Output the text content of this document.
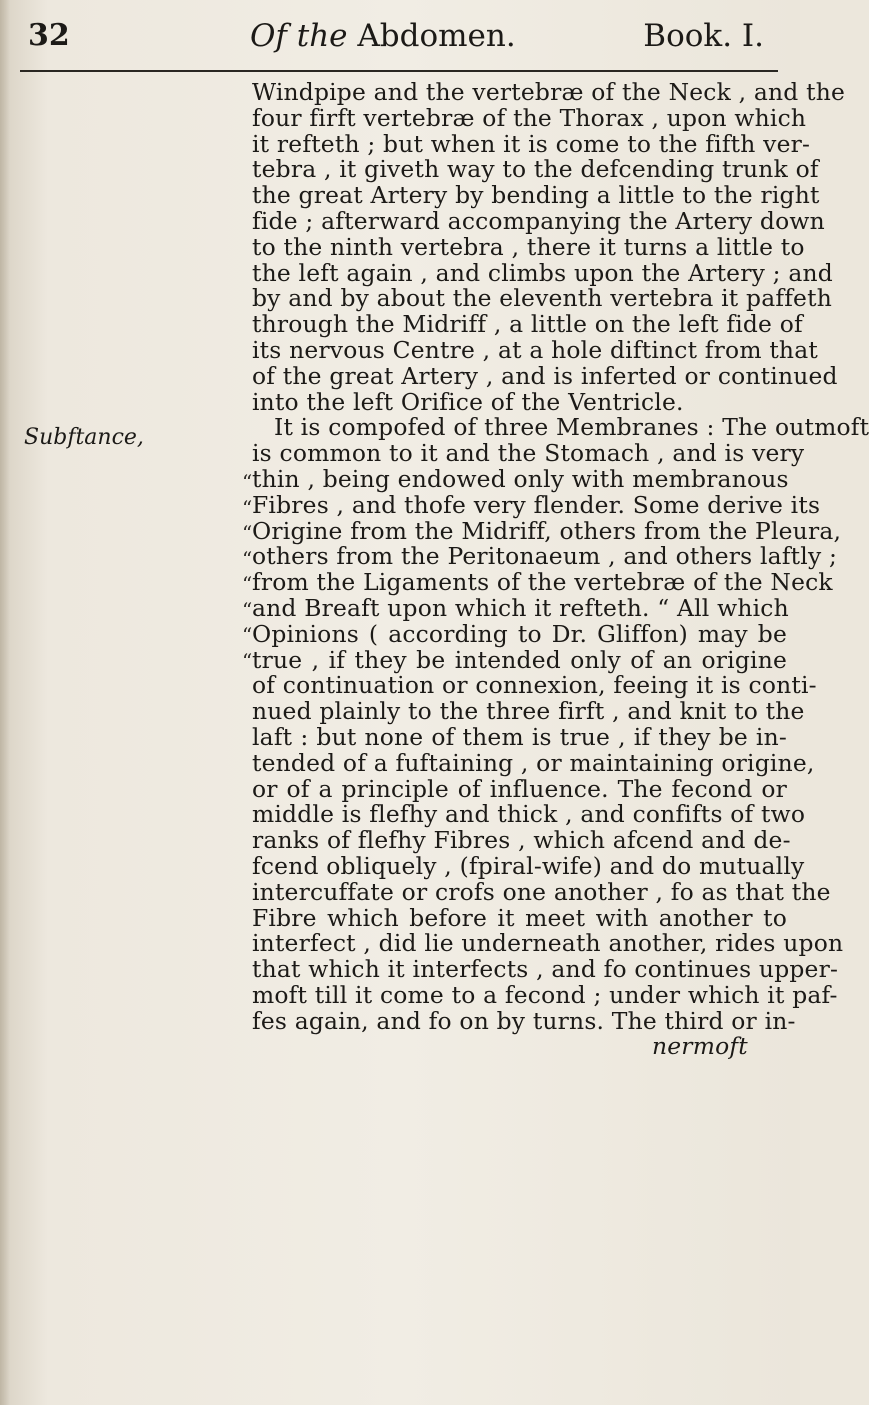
32	Of the Abdomen.	Book. I.
Subftance,
“
“
“
“
“
“
“
“
Windpipe and the vertebræ of the Neck , and the
four firft vertebræ of the Thorax , upon which
it refteth ; but when it is come to the fifth ver-
tebra , it giveth way to the defcending trunk of
the great Artery by bending a little to the right
fide ; afterward accompanying the Artery down
to the ninth vertebra , there it turns a little to
the left again , and climbs upon the Artery ; and
by and by about the eleventh vertebra it paffeth
through the Midriff , a little on the left fide of
its nervous Centre , at a hole diftinct from that
of the great Artery , and is inferted or continued
into the left Orifice of the Ventricle.
It is compofed of three Membranes : The outmoft
is common to it and the Stomach , and is very
thin , being endowed only with membranous
Fibres , and thofe very flender. Some derive its
Origine from the Midriff, others from the Pleura,
others from the Peritonaeum , and others laftly ;
from the Ligaments of the vertebræ of the Neck
and Breaft upon which it refteth. “ All which
Opinions ( according to Dr. Gliffon) may be
true , if they be intended only of an origine
of continuation or connexion, feeing it is conti-
nued plainly to the three firft , and knit to the
laft : but none of them is true , if they be in-
tended of a fuftaining , or maintaining origine,
or of a principle of influence. The fecond or
middle is flefhy and thick , and confifts of two
ranks of flefhy Fibres , which afcend and de-
fcend obliquely , (fpiral-wife) and do mutually
intercuffate or crofs one another , fo as that the
Fibre which before it meet with another to
interfect , did lie underneath another, rides upon
that which it interfects , and fo continues upper-
moft till it come to a fecond ; under which it paf-
fes again, and fo on by turns. The third or in-
nermoft
